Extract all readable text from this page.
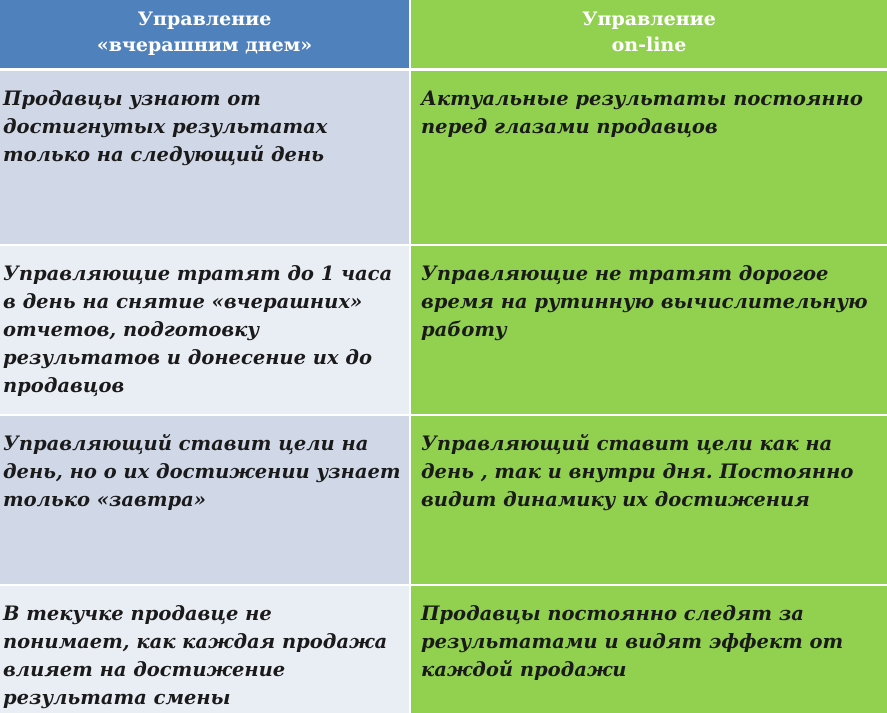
Управление
«вчерашним днем»
Управление
on-line
Продавцы узнают от достигнутых результатах только на следующий день
Актуальные результаты постоянно перед глазами продавцов
Управляющие тратят до 1 часа в день на снятие «вчерашних» отчетов, подготовку результатов и донесение их до продавцов
Управляющие не тратят дорогое время на рутинную вычислительную работу
Управляющий ставит цели на день, но о их достижении узнает только «завтра»
Управляющий ставит цели как на день , так и внутри дня. Постоянно видит динамику их достижения
В текучке продавце не понимает, как каждая продажа влияет на достижение результата смены
Продавцы постоянно следят за результатами и видят эффект от каждой продажи
